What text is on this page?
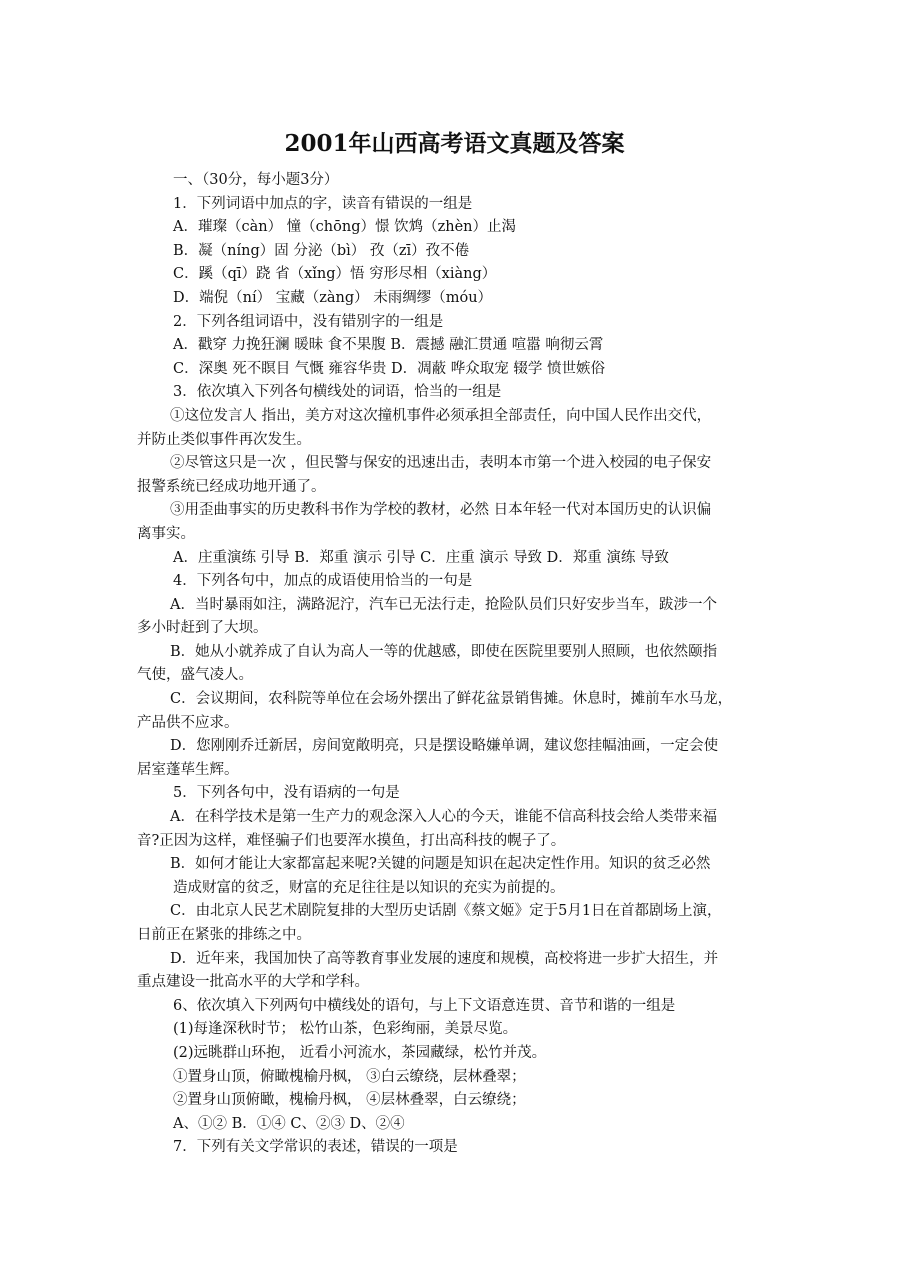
2001年山西高考语文真题及答案

一、（30分，每小题3分）

1．下列词语中加点的字，读音有错误的一组是

A．璀璨（càn） 憧（chōng）憬 饮鸩（zhèn）止渴

B．凝（níng）固 分泌（bì） 孜（zī）孜不倦

C．蹊（qī）跷 省（xǐng）悟 穷形尽相（xiàng）

D．端倪（ní） 宝藏（zàng） 未雨绸缪（móu）

2．下列各组词语中，没有错别字的一组是

A．戳穿 力挽狂澜 暖昧 食不果腹 B．震撼 融汇贯通 喧嚣 响彻云霄

C．深奥 死不瞑目 气慨 雍容华贵 D．凋蔽 哗众取宠 辍学 愤世嫉俗

3．依次填入下列各句横线处的词语，恰当的一组是

①这位发言人 指出，美方对这次撞机事件必须承担全部责任，向中国人民作出交代，

并防止类似事件再次发生。

②尽管这只是一次 ，但民警与保安的迅速出击，表明本市第一个进入校园的电子保安

报警系统已经成功地开通了。

③用歪曲事实的历史教科书作为学校的教材，必然 日本年轻一代对本国历史的认识偏

离事实。

A．庄重演练 引导 B．郑重 演示 引导 C．庄重 演示 导致 D．郑重 演练 导致

4．下列各句中，加点的成语使用恰当的一句是

A．当时暴雨如注，满路泥泞，汽车已无法行走，抢险队员们只好安步当车，跋涉一个

多小时赶到了大坝。

B．她从小就养成了自认为高人一等的优越感，即使在医院里要别人照顾，也依然颐指

气使，盛气凌人。

C．会议期间，农科院等单位在会场外摆出了鲜花盆景销售摊。休息时，摊前车水马龙，

产品供不应求。

D．您刚刚乔迁新居，房间宽敞明亮，只是摆设略嫌单调，建议您挂幅油画，一定会使

居室蓬荜生辉。

5．下列各句中，没有语病的一句是

A．在科学技术是第一生产力的观念深入人心的今天，谁能不信高科技会给人类带来福

音?正因为这样，难怪骗子们也要浑水摸鱼，打出高科技的幌子了。

B．如何才能让大家都富起来呢?关键的问题是知识在起决定性作用。知识的贫乏必然

造成财富的贫乏，财富的充足往往是以知识的充实为前提的。

C．由北京人民艺术剧院复排的大型历史话剧《蔡文姬》定于5月1日在首都剧场上演，

日前正在紧张的排练之中。

D．近年来，我国加快了高等教育事业发展的速度和规模，高校将进一步扩大招生，并

重点建设一批高水平的大学和学科。

6、依次填入下列两句中横线处的语句，与上下文语意连贯、音节和谐的一组是

(1)每逢深秋时节； 松竹山茶，色彩绚丽，美景尽览。

(2)远眺群山环抱， 近看小河流水，茶园藏绿，松竹并茂。

①置身山顶，俯瞰槐榆丹枫， ③白云缭绕，层林叠翠；

②置身山顶俯瞰，槐榆丹枫， ④层林叠翠，白云缭绕；

A、①② B．①④ C、②③ D、②④

7．下列有关文学常识的表述，错误的一项是
